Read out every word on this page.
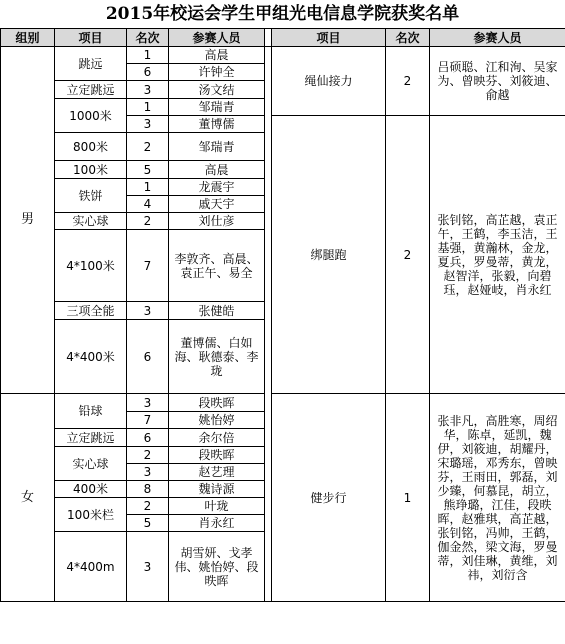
2015年校运会学生甲组光电信息学院获奖名单
组别	项目	名次	参赛人员		项目	名次	参赛人员
男	跳远	1	高晨		绳仙接力	2	吕硕聪、江和洵、吴家为、曾映芬、刘筱迪、俞越
		6	许钟全				
	立定跳远	3	汤文结				
	1000米	1	邹瑞青				
		3	董博儒		绑腿跑	2	张钊铭，高芷越，袁正午，王鹤，李玉洁，王基强，黄瀚林，金龙，夏兵，罗曼蒂，黄龙，赵智洋，张毅，向碧珏，赵娅岐，肖永红
	800米	2	邹瑞青				
	100米	5	高晨				
	铁饼	1	龙震宇				
		4	戚天宇				
	实心球	2	刘仕彦				
	4*100米	7	李敦齐、高晨、袁正午、易全				
	三项全能	3	张健皓				
	4*400米	6	董博儒、白如海、耿德泰、李珑				
女	铅球	3	段昳晖		健步行	1	张非凡，高胜寒，周绍华，陈卓，延凯，魏伊，刘筱迪，胡耀丹，宋璐瑶，邓秀东，曾映芬，王雨田，郭磊，刘少臻，何慕昆，胡立，熊琤璐，江佳，段昳晖，赵雅琪，高芷越，张钊铭，冯帅，王鹤，伽金然，梁文海，罗曼蒂，刘佳琳，黄维，刘祎，刘衍含
		7	姚怡婷				
	立定跳远	6	余尔倍				
	实心球	2	段昳晖				
		3	赵艺理				
	400米	8	魏诗源				
	100米栏	2	叶珑				
		5	肖永红				
	4*400m	3	胡雪妍、戈孝伟、姚怡婷、段昳晖				
